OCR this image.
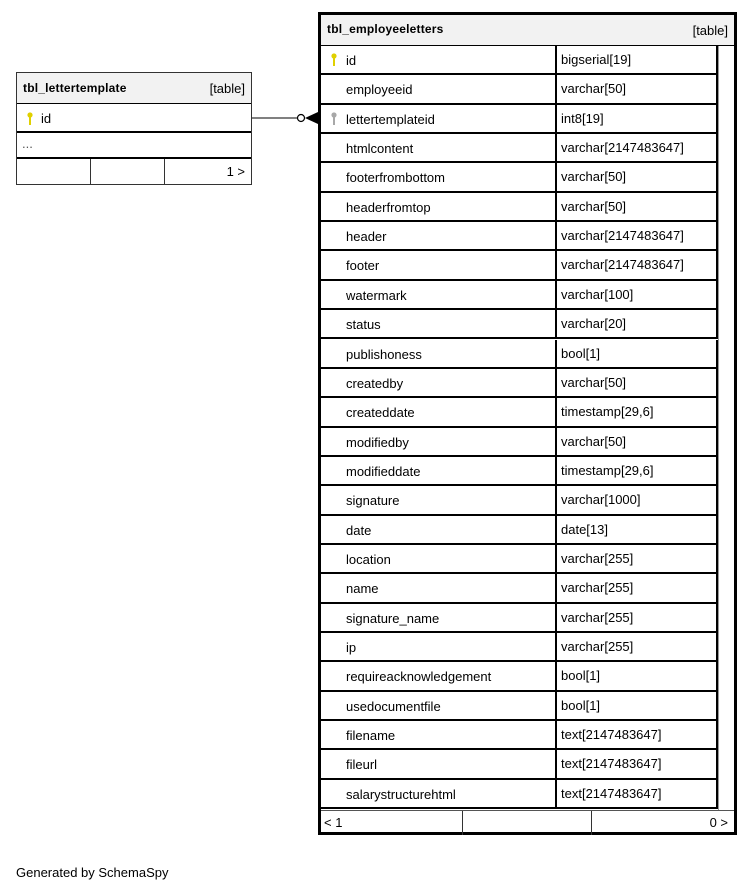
tbl_lettertemplate	[table]
id
...
1 >
tbl_employeeletters	[table]
id	bigserial[19]
employeeid	varchar[50]
lettertemplateid	int8[19]
htmlcontent	varchar[2147483647]
footerfrombottom	varchar[50]
headerfromtop	varchar[50]
header	varchar[2147483647]
footer	varchar[2147483647]
watermark	varchar[100]
status	varchar[20]
publishoness	bool[1]
createdby	varchar[50]
createddate	timestamp[29,6]
modifiedby	varchar[50]
modifieddate	timestamp[29,6]
signature	varchar[1000]
date	date[13]
location	varchar[255]
name	varchar[255]
signature_name	varchar[255]
ip	varchar[255]
requireacknowledgement	bool[1]
usedocumentfile	bool[1]
filename	text[2147483647]
fileurl	text[2147483647]
salarystructurehtml	text[2147483647]
< 1	0 >
Generated by SchemaSpy
